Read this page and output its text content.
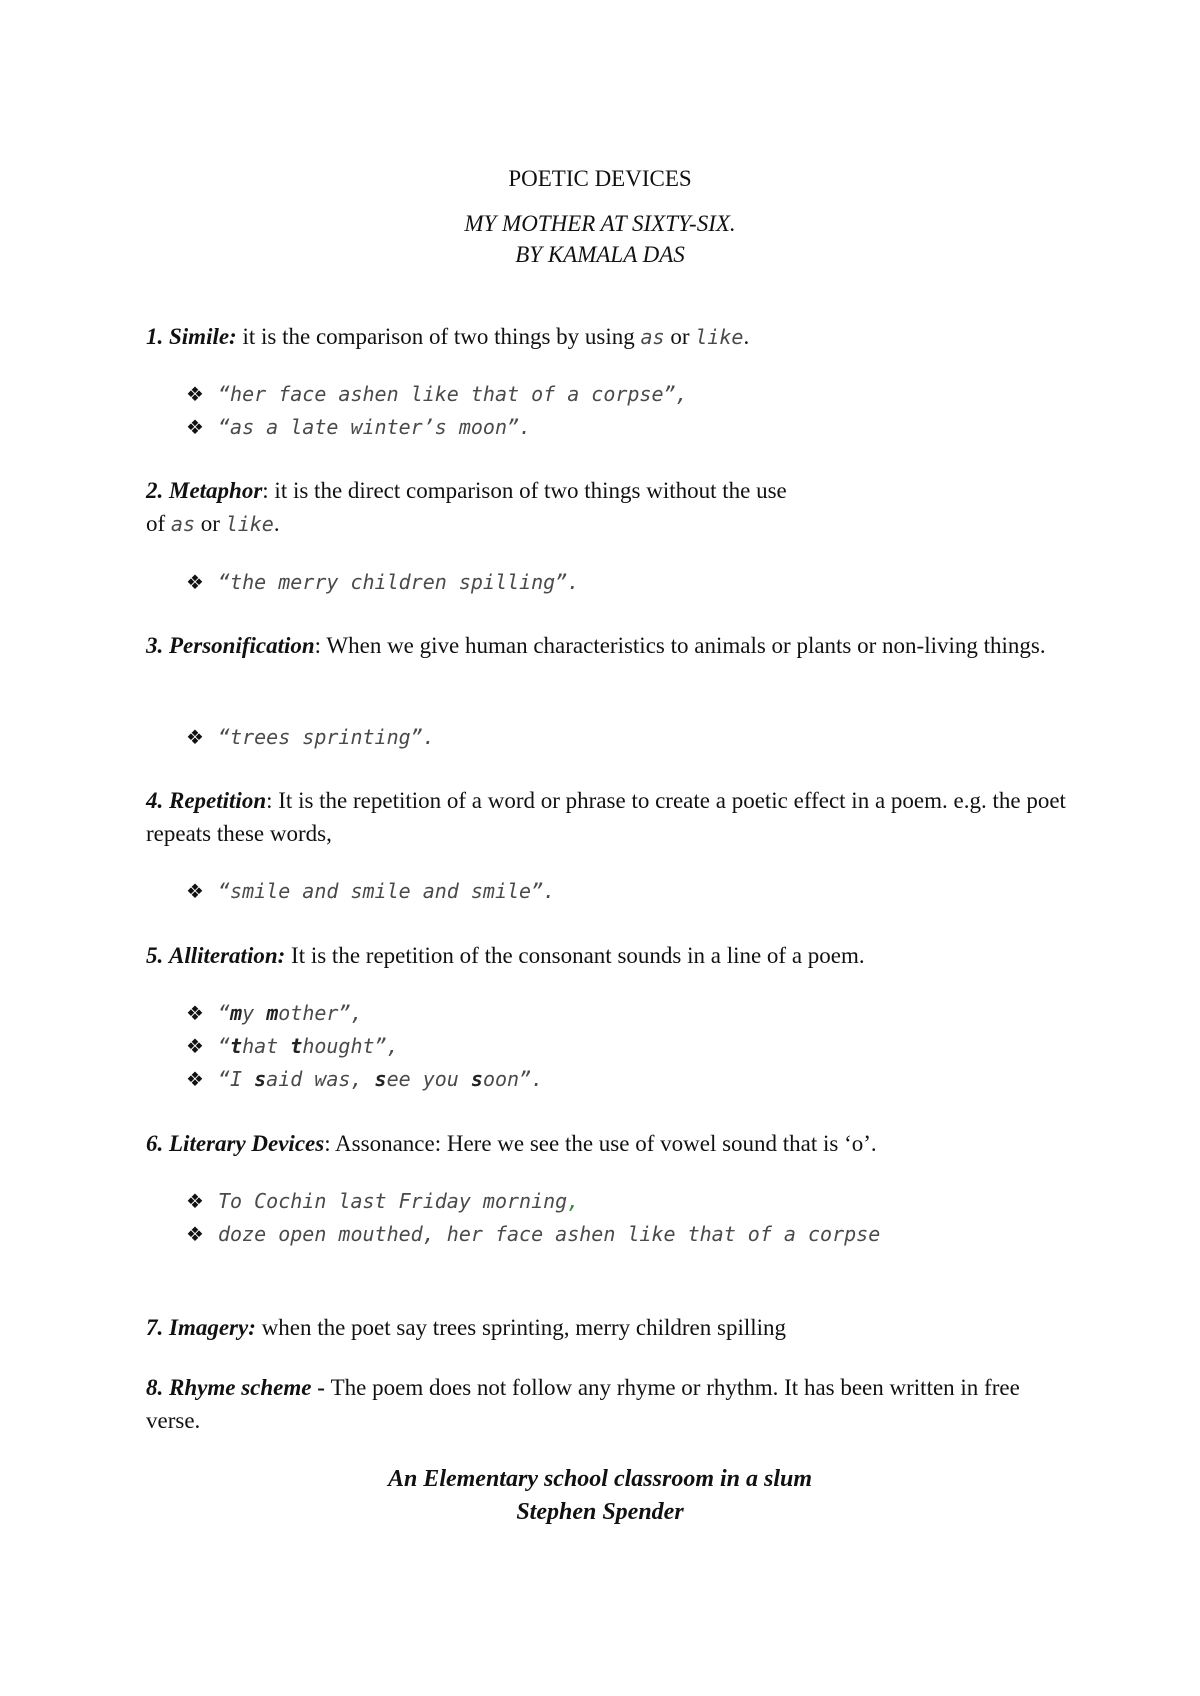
POETIC DEVICES
MY MOTHER AT SIXTY-SIX.
BY KAMALA DAS
1. Simile: it is the comparison of two things by using as or like.
❖ “her face ashen like that of a corpse”,
❖ “as a late winter’s moon”.
2. Metaphor: it is the direct comparison of two things without the use
of as or like.
❖ “the merry children spilling”.
3. Personification: When we give human characteristics to animals or plants or non-living things.
❖ “trees sprinting”.
4. Repetition: It is the repetition of a word or phrase to create a poetic effect in a poem. e.g. the poet repeats these words,
❖ “smile and smile and smile”.
5. Alliteration: It is the repetition of the consonant sounds in a line of a poem.
❖ “my mother”,
❖ “that thought”,
❖ “I said was, see you soon”.
6. Literary Devices: Assonance: Here we see the use of vowel sound that is ‘o’.
❖ To Cochin last Friday morning,
❖ doze open mouthed, her face ashen like that of a corpse
7. Imagery: when the poet say trees sprinting, merry children spilling
8. Rhyme scheme - The poem does not follow any rhyme or rhythm. It has been written in free verse.
An Elementary school classroom in a slum
Stephen Spender
